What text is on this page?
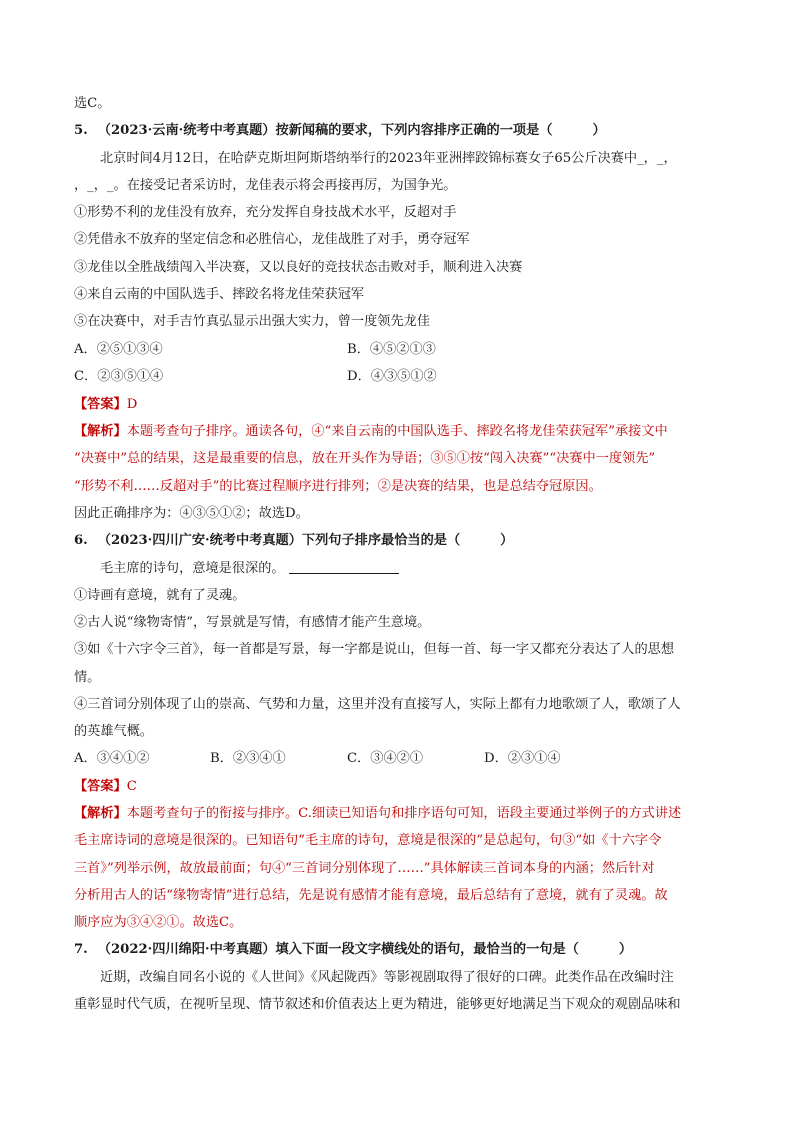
选C。
5. （2023·云南·统考中考真题）按新闻稿的要求，下列内容排序正确的一项是（	）
北京时间4月12日，在哈萨克斯坦阿斯塔纳举行的2023年亚洲摔跤锦标赛女子65公斤决赛中_，_，
，_，_。在接受记者采访时，龙佳表示将会再接再厉，为国争光。
①形势不利的龙佳没有放弃，充分发挥自身技战术水平，反超对手
②凭借永不放弃的坚定信念和必胜信心，龙佳战胜了对手，勇夺冠军
③龙佳以全胜战绩闯入半决赛，又以良好的竞技状态击败对手，顺利进入决赛
④来自云南的中国队选手、摔跤名将龙佳荣获冠军
⑤在决赛中，对手吉竹真弘显示出强大实力，曾一度领先龙佳
A．②⑤①③④	B．④⑤②①③
C．②③⑤①④	D．④③⑤①②
【答案】D
【解析】本题考查句子排序。通读各句，④“来自云南的中国队选手、摔跤名将龙佳荣获冠军”承接文中
“决赛中”总的结果，这是最重要的信息，放在开头作为导语；③⑤①按“闯入决赛”“决赛中一度领先”
“形势不利……反超对手”的比赛过程顺序进行排列；②是决赛的结果，也是总结夺冠原因。
因此正确排序为：④③⑤①②；故选D。
6. （2023·四川广安·统考中考真题）下列句子排序最恰当的是（	）
毛主席的诗句，意境是很深的。
①诗画有意境，就有了灵魂。
②古人说“缘物寄情”，写景就是写情，有感情才能产生意境。
③如《十六字令三首》，每一首都是写景，每一字都是说山，但每一首、每一字又都充分表达了人的思想
情。
④三首词分别体现了山的崇高、气势和力量，这里并没有直接写人，实际上都有力地歌颂了人，歌颂了人
的英雄气概。
A．③④①②	B．②③④①	C．③④②①	D．②③①④
【答案】C
【解析】本题考查句子的衔接与排序。C.细读已知语句和排序语句可知，语段主要通过举例子的方式讲述
毛主席诗词的意境是很深的。已知语句“毛主席的诗句，意境是很深的”是总起句，句③“如《十六字令
三首》”列举示例，故放最前面；句④“三首词分别体现了……”具体解读三首词本身的内涵；然后针对
分析用古人的话“缘物寄情”进行总结，先是说有感情才能有意境，最后总结有了意境，就有了灵魂。故
顺序应为③④②①。故选C。
7. （2022·四川绵阳·中考真题）填入下面一段文字横线处的语句，最恰当的一句是（	）
近期，改编自同名小说的《人世间》《风起陇西》等影视剧取得了很好的口碑。此类作品在改编时注
重彰显时代气质，在视听呈现、情节叙述和价值表达上更为精进，能够更好地满足当下观众的观剧品味和
